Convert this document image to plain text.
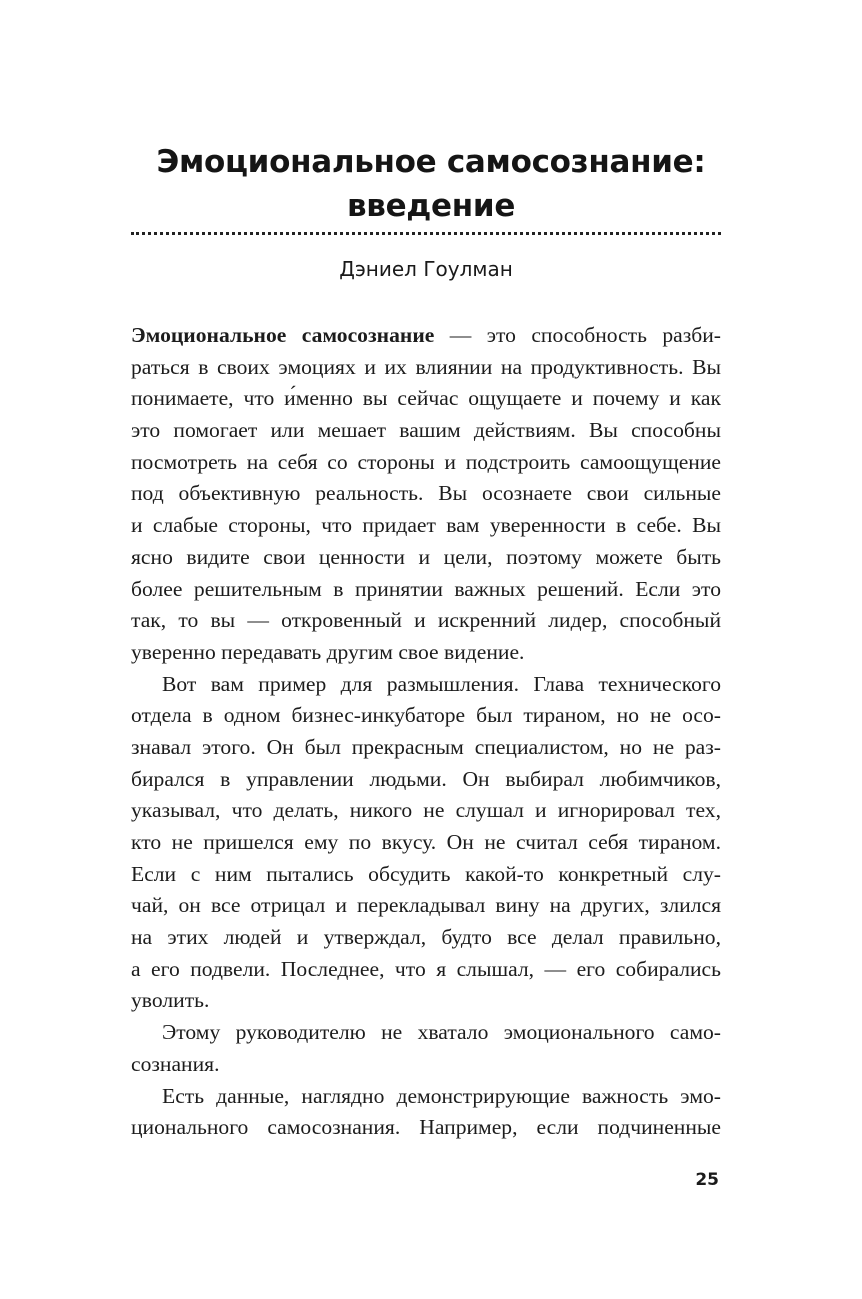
Эмоциональное самосознание:
введение
Дэниел Гоулман
Эмоциональное самосознание — это способность разби-
раться в своих эмоциях и их влиянии на продуктивность. Вы
понимаете, что и́менно вы сейчас ощущаете и почему и как
это помогает или мешает вашим действиям. Вы способны
посмотреть на себя со стороны и подстроить самоощущение
под объективную реальность. Вы осознаете свои сильные
и слабые стороны, что придает вам уверенности в себе. Вы
ясно видите свои ценности и цели, поэтому можете быть
более решительным в принятии важных решений. Если это
так, то вы — откровенный и искренний лидер, способный
уверенно передавать другим свое видение.
Вот вам пример для размышления. Глава технического
отдела в одном бизнес-инкубаторе был тираном, но не осо-
знавал этого. Он был прекрасным специалистом, но не раз-
бирался в управлении людьми. Он выбирал любимчиков,
указывал, что делать, никого не слушал и игнорировал тех,
кто не пришелся ему по вкусу. Он не считал себя тираном.
Если с ним пытались обсудить какой-то конкретный слу-
чай, он все отрицал и перекладывал вину на других, злился
на этих людей и утверждал, будто все делал правильно,
а его подвели. Последнее, что я слышал, — его собирались
уволить.
Этому руководителю не хватало эмоционального само-
сознания.
Есть данные, наглядно демонстрирующие важность эмо-
ционального самосознания. Например, если подчиненные
25
